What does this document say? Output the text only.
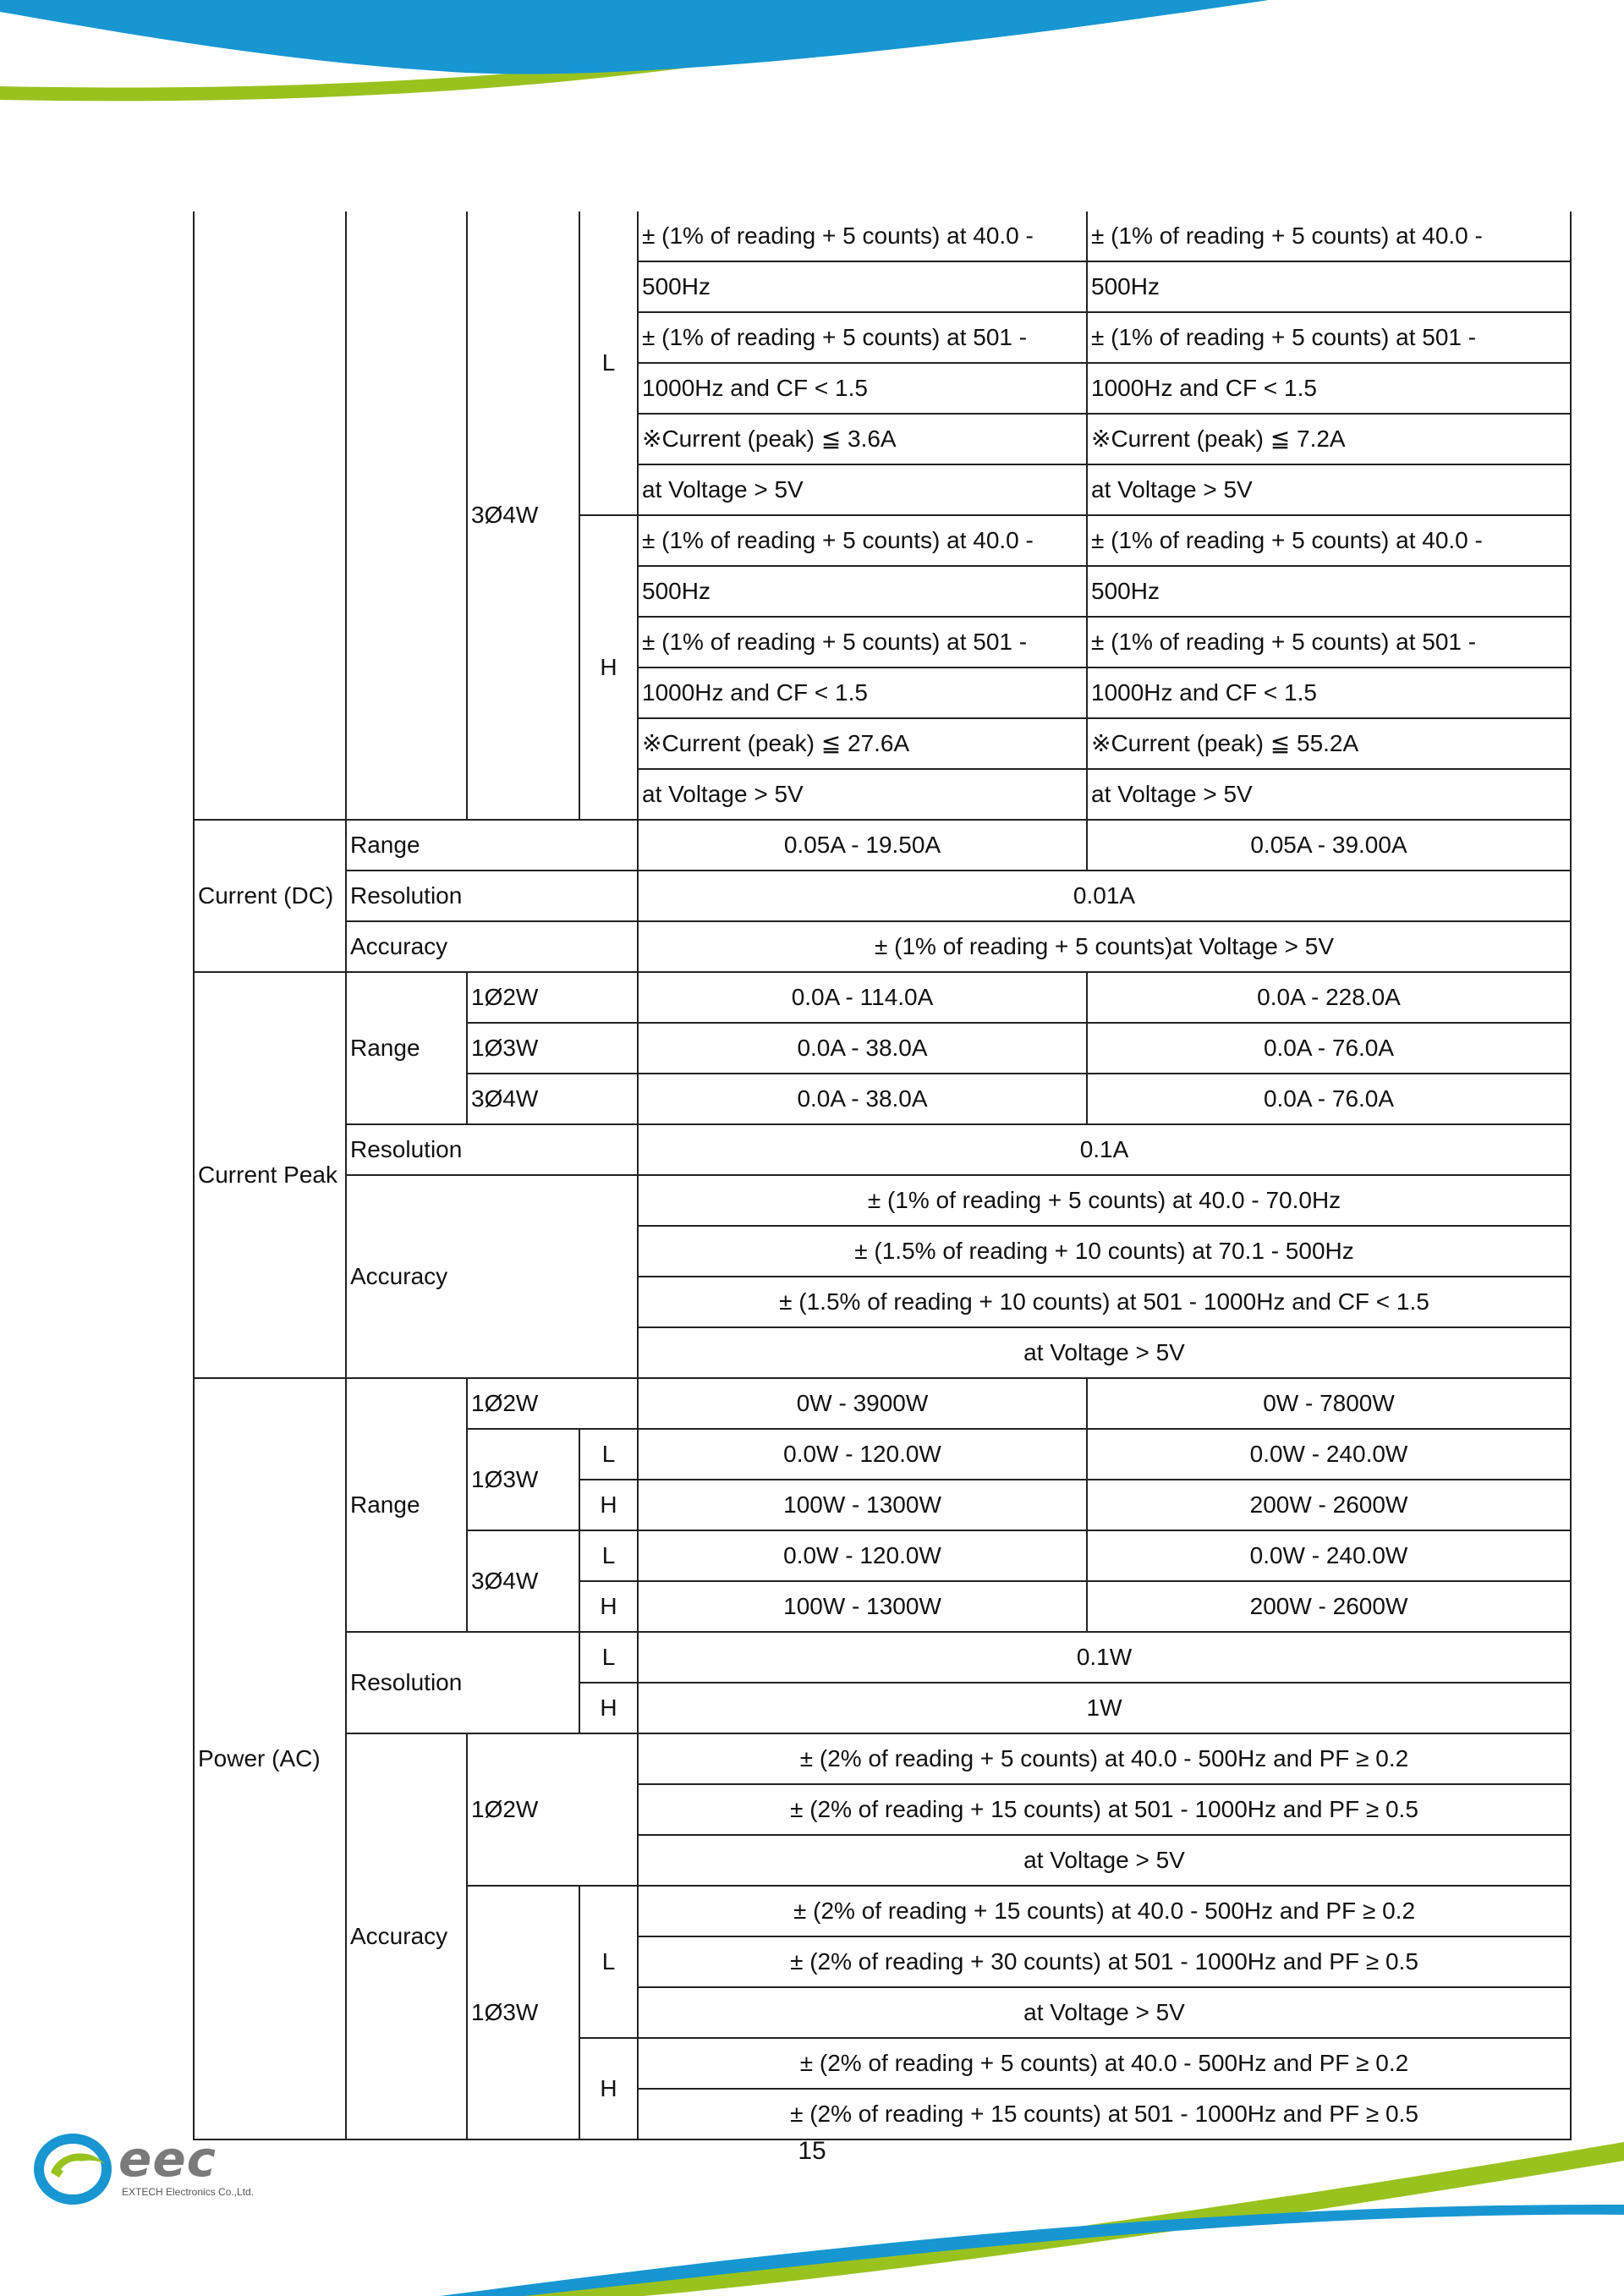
		3Ø4W	L	± (1% of reading + 5 counts) at 40.0 -	± (1% of reading + 5 counts) at 40.0 -
				500Hz	500Hz
				± (1% of reading + 5 counts) at 501 -	± (1% of reading + 5 counts) at 501 -
				1000Hz and CF < 1.5	1000Hz and CF < 1.5
				※Current (peak) ≦ 3.6A	※Current (peak) ≦ 7.2A
				at Voltage > 5V	at Voltage > 5V
			H	± (1% of reading + 5 counts) at 40.0 -	± (1% of reading + 5 counts) at 40.0 -
				500Hz	500Hz
				± (1% of reading + 5 counts) at 501 -	± (1% of reading + 5 counts) at 501 -
				1000Hz and CF < 1.5	1000Hz and CF < 1.5
				※Current (peak) ≦ 27.6A	※Current (peak) ≦ 55.2A
				at Voltage > 5V	at Voltage > 5V
Current (DC)	Range			0.05A - 19.50A	0.05A - 39.00A
	Resolution			0.01A	
	Accuracy			± (1% of reading + 5 counts)at Voltage > 5V	
Current Peak	Range	1Ø2W		0.0A - 114.0A	0.0A - 228.0A
		1Ø3W		0.0A - 38.0A	0.0A - 76.0A
		3Ø4W		0.0A - 38.0A	0.0A - 76.0A
	Resolution			0.1A	
	Accuracy			± (1% of reading + 5 counts) at 40.0 - 70.0Hz	
				± (1.5% of reading + 10 counts) at 70.1 - 500Hz	
				± (1.5% of reading + 10 counts) at 501 - 1000Hz and CF < 1.5	
				at Voltage > 5V	
Power (AC)	Range	1Ø2W		0W - 3900W	0W - 7800W
		1Ø3W	L	0.0W - 120.0W	0.0W - 240.0W
			H	100W - 1300W	200W - 2600W
		3Ø4W	L	0.0W - 120.0W	0.0W - 240.0W
			H	100W - 1300W	200W - 2600W
	Resolution		L	0.1W	
			H	1W	
	Accuracy	1Ø2W		± (2% of reading + 5 counts) at 40.0 - 500Hz and PF ≥ 0.2	
				± (2% of reading + 15 counts) at 501 - 1000Hz and PF ≥ 0.5	
				at Voltage > 5V	
		1Ø3W	L	± (2% of reading + 15 counts) at 40.0 - 500Hz and PF ≥ 0.2	
				± (2% of reading + 30 counts) at 501 - 1000Hz and PF ≥ 0.5	
				at Voltage > 5V	
			H	± (2% of reading + 5 counts) at 40.0 - 500Hz and PF ≥ 0.2	
				± (2% of reading + 15 counts) at 501 - 1000Hz and PF ≥ 0.5	
15
eec
EXTECH Electronics Co.,Ltd.
